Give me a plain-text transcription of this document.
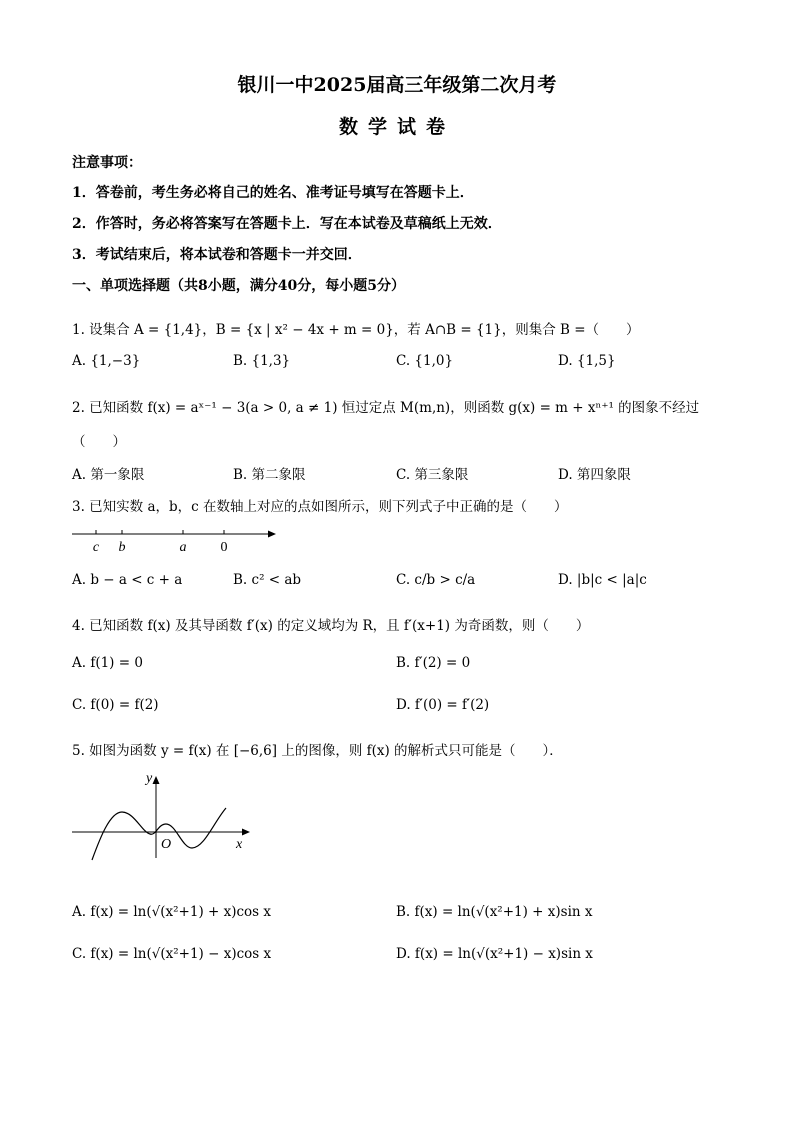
银川一中2025届高三年级第二次月考
数学试卷
注意事项：
1．答卷前，考生务必将自己的姓名、准考证号填写在答题卡上．
2．作答时，务必将答案写在答题卡上．写在本试卷及草稿纸上无效．
3．考试结束后，将本试卷和答题卡一并交回．
一、单项选择题（共8小题，满分40分，每小题5分）
1. 设集合 A = {1,4}，B = {x | x² − 4x + m = 0}，若 A∩B = {1}，则集合 B =（　　）
A. {1,−3}	B. {1,3}	C. {1,0}	D. {1,5}
2. 已知函数 f(x) = aˣ⁻¹ − 3(a > 0, a ≠ 1) 恒过定点 M(m,n)，则函数 g(x) = m + xⁿ⁺¹ 的图象不经过
（　　）
A. 第一象限	B. 第二象限	C. 第三象限	D. 第四象限
3. 已知实数 a，b，c 在数轴上对应的点如图所示，则下列式子中正确的是（　　）
c b	a 0
A. b − a < c + a	B. c² < ab	C. c/b > c/a	D. |b|c < |a|c
4. 已知函数 f(x) 及其导函数 f′(x) 的定义域均为 R，且 f′(x+1) 为奇函数，则（　　）
A. f(1) = 0	B. f′(2) = 0
C. f(0) = f(2)	D. f′(0) = f′(2)
5. 如图为函数 y = f(x) 在 [−6,6] 上的图像，则 f(x) 的解析式只可能是（　　）．
y
O	x
A. f(x) = ln(√(x²+1) + x)cos x	B. f(x) = ln(√(x²+1) + x)sin x
C. f(x) = ln(√(x²+1) − x)cos x	D. f(x) = ln(√(x²+1) − x)sin x
